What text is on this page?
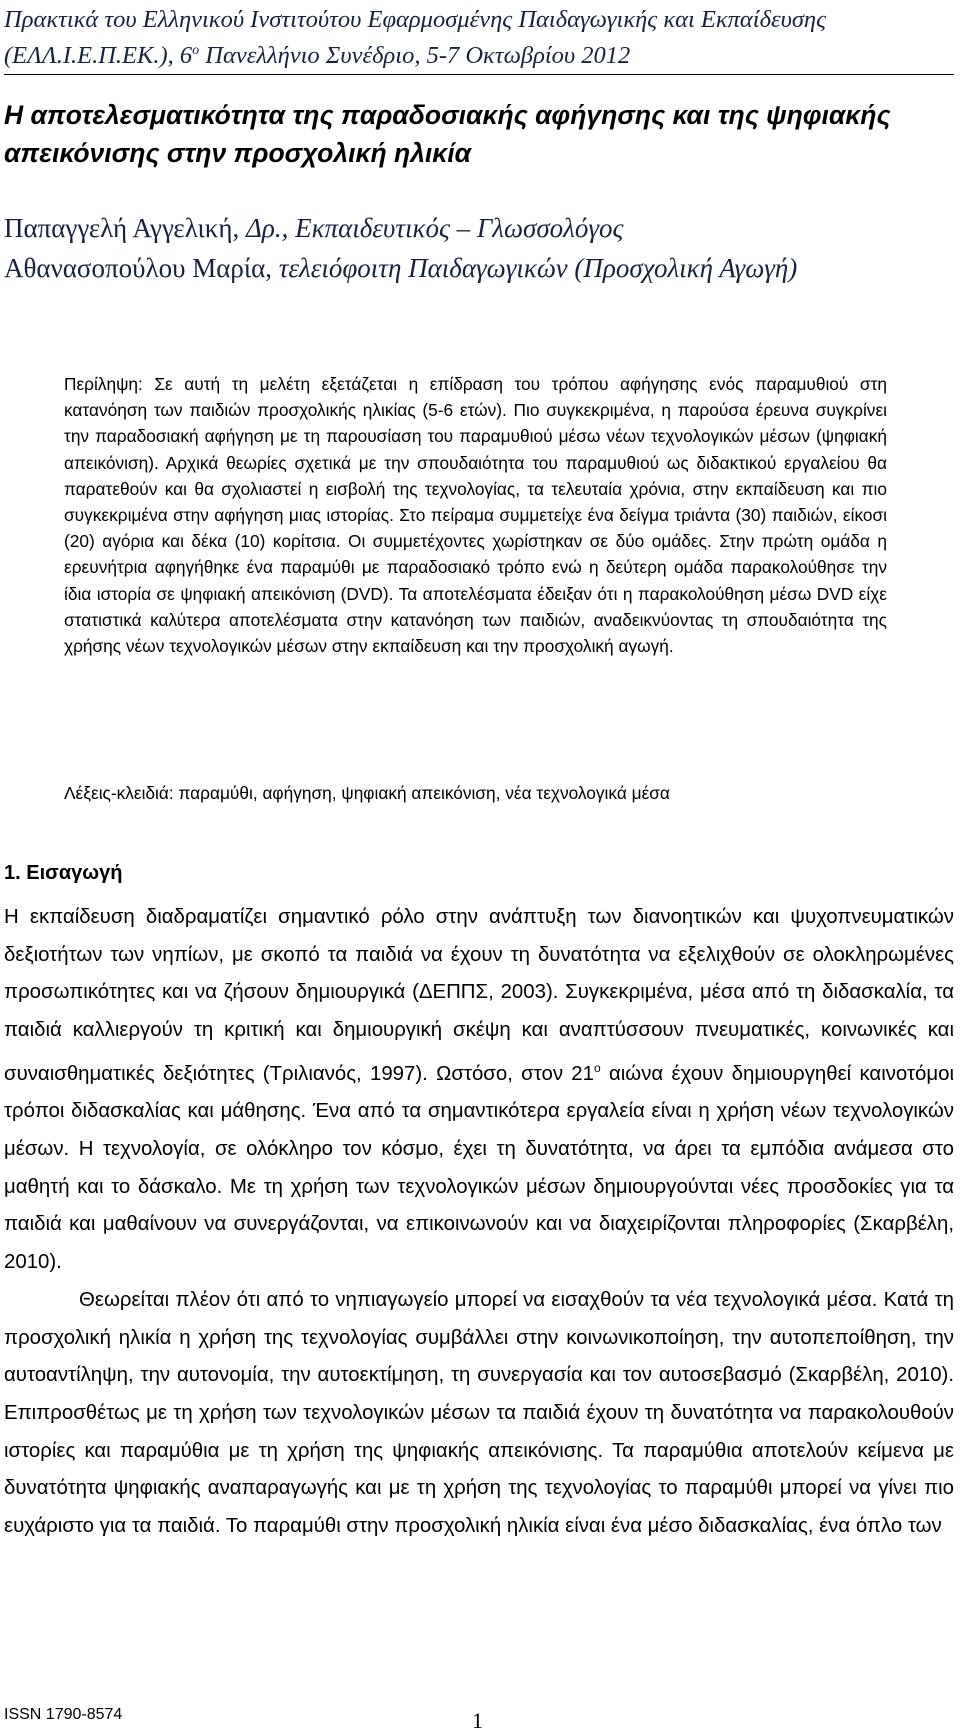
Πρακτικά του Ελληνικού Ινστιτούτου Εφαρμοσμένης Παιδαγωγικής και Εκπαίδευσης
(ΕΛΛ.Ι.Ε.Π.ΕΚ.), $6^o$ Πανελλήνιο Συνέδριο, 5-7 Οκτωβρίου 2012
Η αποτελεσματικότητα της παραδοσιακής αφήγησης και της ψηφιακής απεικόνισης στην προσχολική ηλικία
Παπαγγελή Αγγελική, Δρ., Εκπαιδευτικός – Γλωσσολόγος
Αθανασοπούλου Μαρία, τελειόφοιτη Παιδαγωγικών (Προσχολική Αγωγή)

Περίληψη: Σε αυτή τη μελέτη εξετάζεται η επίδραση του τρόπου αφήγησης ενός παραμυθιού στη κατανόηση των παιδιών προσχολικής ηλικίας (5-6 ετών). Πιο συγκεκριμένα, η παρούσα έρευνα συγκρίνει την παραδοσιακή αφήγηση με τη παρουσίαση του παραμυθιού μέσω νέων τεχνολογικών μέσων (ψηφιακή απεικόνιση). Αρχικά θεωρίες σχετικά με την σπουδαιότητα του παραμυθιού ως διδακτικού εργαλείου θα παρατεθούν και θα σχολιαστεί η εισβολή της τεχνολογίας, τα τελευταία χρόνια, στην εκπαίδευση και πιο συγκεκριμένα στην αφήγηση μιας ιστορίας. Στο πείραμα συμμετείχε ένα δείγμα τριάντα (30) παιδιών, είκοσι (20) αγόρια και δέκα (10) κορίτσια. Οι συμμετέχοντες χωρίστηκαν σε δύο ομάδες. Στην πρώτη ομάδα η ερευνήτρια αφηγήθηκε ένα παραμύθι με παραδοσιακό τρόπο ενώ η δεύτερη ομάδα παρακολούθησε την ίδια ιστορία σε ψηφιακή απεικόνιση (DVD). Τα αποτελέσματα έδειξαν ότι η παρακολούθηση μέσω DVD είχε στατιστικά καλύτερα αποτελέσματα στην κατανόηση των παιδιών, αναδεικνύοντας τη σπουδαιότητα της χρήσης νέων τεχνολογικών μέσων στην εκπαίδευση και την προσχολική αγωγή.

Λέξεις-κλειδιά: παραμύθι, αφήγηση, ψηφιακή απεικόνιση, νέα τεχνολογικά μέσα
1. Εισαγωγή

Η εκπαίδευση διαδραματίζει σημαντικό ρόλο στην ανάπτυξη των διανοητικών και ψυχοπνευματικών δεξιοτήτων των νηπίων, με σκοπό τα παιδιά να έχουν τη δυνατότητα να εξελιχθούν σε ολοκληρωμένες προσωπικότητες και να ζήσουν δημιουργικά (ΔΕΠΠΣ, 2003). Συγκεκριμένα, μέσα από τη διδασκαλία, τα παιδιά καλλιεργούν τη κριτική και δημιουργική σκέψη και αναπτύσσουν πνευματικές, κοινωνικές και συναισθηματικές δεξιότητες (Τριλιανός, 1997). Ωστόσο, στον $21^o$ αιώνα έχουν δημιουργηθεί καινοτόμοι τρόποι διδασκαλίας και μάθησης. Ένα από τα σημαντικότερα εργαλεία είναι η χρήση νέων τεχνολογικών μέσων. Η τεχνολογία, σε ολόκληρο τον κόσμο, έχει τη δυνατότητα, να άρει τα εμπόδια ανάμεσα στο μαθητή και το δάσκαλο. Με τη χρήση των τεχνολογικών μέσων δημιουργούνται νέες προσδοκίες για τα παιδιά και μαθαίνουν να συνεργάζονται, να επικοινωνούν και να διαχειρίζονται πληροφορίες (Σκαρβέλη, 2010).

Θεωρείται πλέον ότι από το νηπιαγωγείο μπορεί να εισαχθούν τα νέα τεχνολογικά μέσα. Κατά τη προσχολική ηλικία η χρήση της τεχνολογίας συμβάλλει στην κοινωνικοποίηση, την αυτοπεποίθηση, την αυτοαντίληψη, την αυτονομία, την αυτοεκτίμηση, τη συνεργασία και τον αυτοσεβασμό (Σκαρβέλη, 2010). Επιπροσθέτως με τη χρήση των τεχνολογικών μέσων τα παιδιά έχουν τη δυνατότητα να παρακολουθούν ιστορίες και παραμύθια με τη χρήση της ψηφιακής απεικόνισης. Τα παραμύθια αποτελούν κείμενα με δυνατότητα ψηφιακής αναπαραγωγής και με τη χρήση της τεχνολογίας το παραμύθι μπορεί να γίνει πιο ευχάριστο για τα παιδιά. Το παραμύθι στην προσχολική ηλικία είναι ένα μέσο διδασκαλίας, ένα όπλο των

ISSN 1790-8574	1
